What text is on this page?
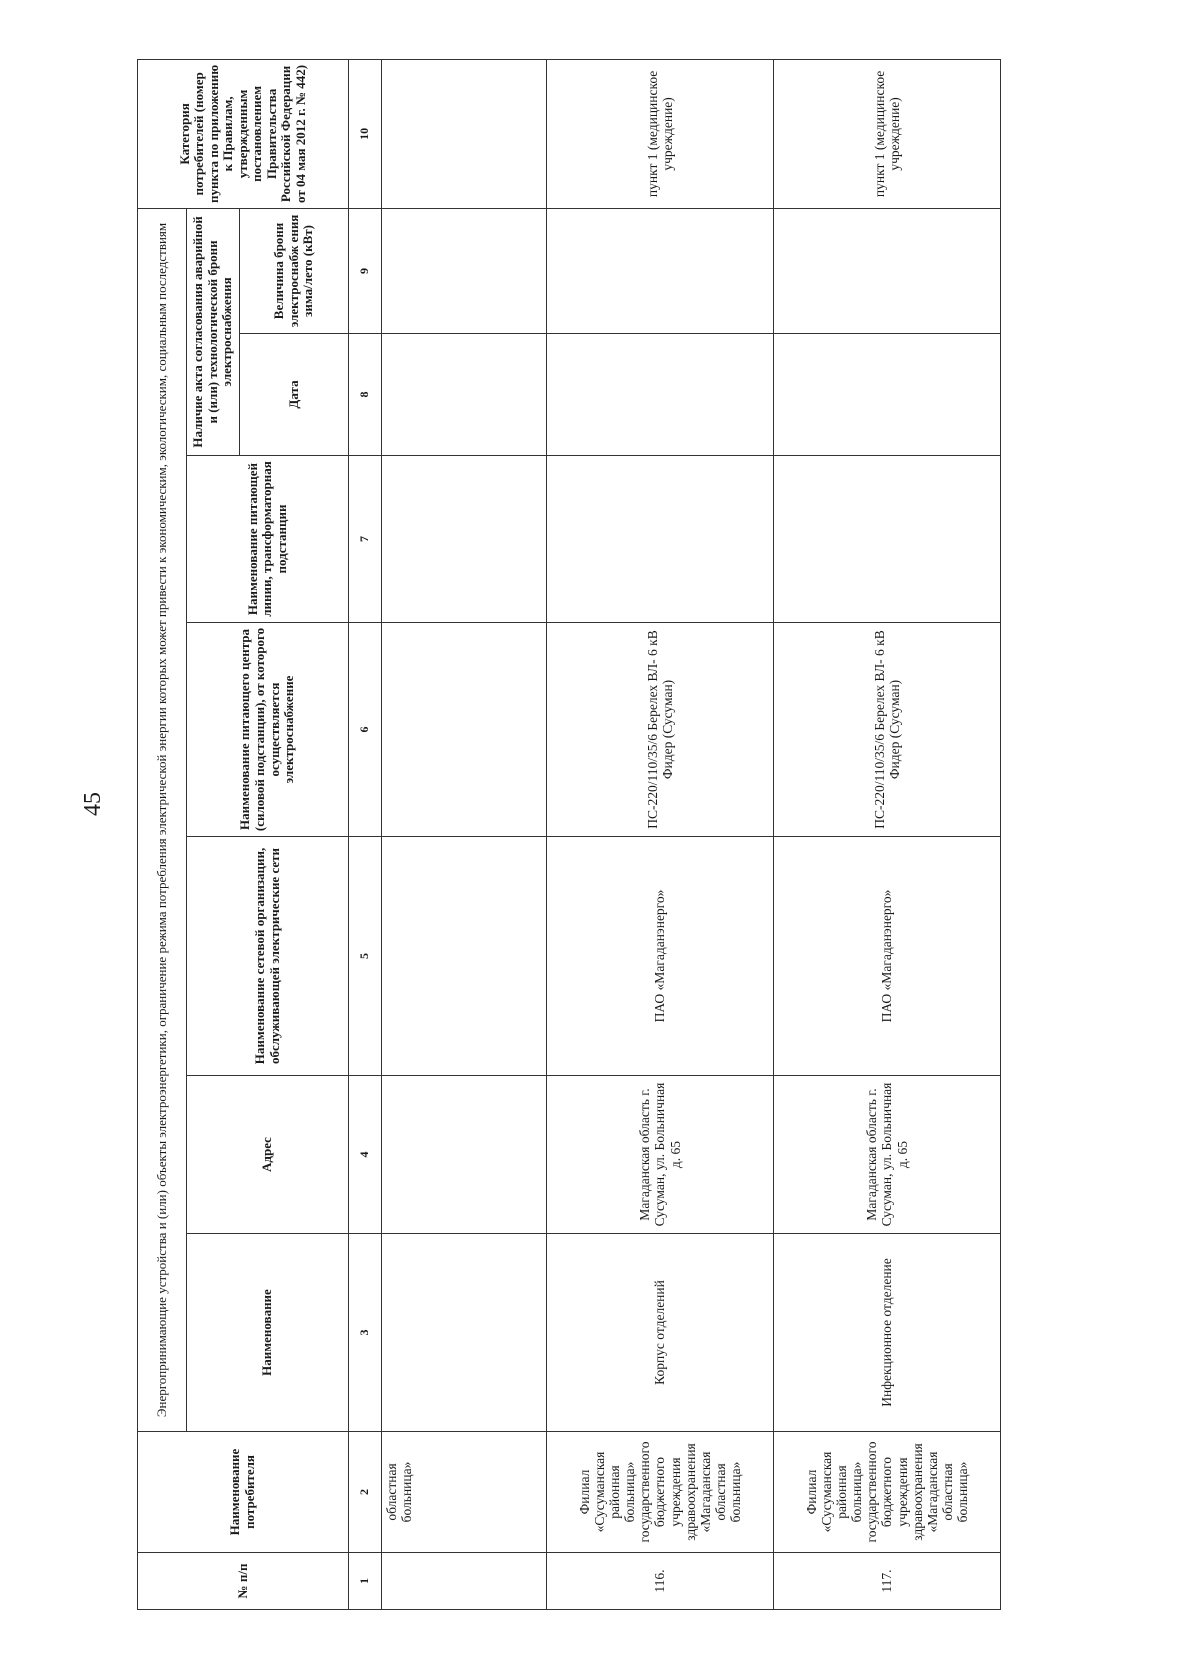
45
№ п/п	Наименование потребителя	Энергопринимающие устройства и (или) объекты электроэнергетики, ограничение режима потребления электрической энергии которых может привести к экономическим, экологическим, социальным последствиям							Категория потребителей (номер пункта по приложению к Правилам, утвержденным постановлением Правительства Российской Федерации от 04 мая 2012 г. № 442)
		Наименование	Адрес	Наименование сетевой организации, обслуживающей электрические сети	Наименование питающего центра (силовой подстанции), от которого осуществляется электроснабжение	Наименование питающей линии, трансформаторная подстанции	Наличие акта согласования аварийной и (или) технологической брони электроснабжения		
							Дата	Величина брони электроснабж ения зима/лето (кВт)	
1	2	3	4	5	6	7	8	9	10
	областная больница»								
116.	Филиал «Сусуманская районная больница» государственного бюджетного учреждения здравоохранения «Магаданская областная больница»	Корпус отделений	Магаданская область г. Сусуман, ул. Больничная д. 65	ПАО «Магаданэнерго»	ПС-220/110/35/6 Берелех ВЛ- 6 кВ Фидер (Сусуман)				пункт 1 (медицинское учреждение)
117.	Филиал «Сусуманская районная больница» государственного бюджетного учреждения здравоохранения «Магаданская областная больница»	Инфекционное отделение	Магаданская область г. Сусуман, ул. Больничная д. 65	ПАО «Магаданэнерго»	ПС-220/110/35/6 Берелех ВЛ- 6 кВ Фидер (Сусуман)				пункт 1 (медицинское учреждение)
